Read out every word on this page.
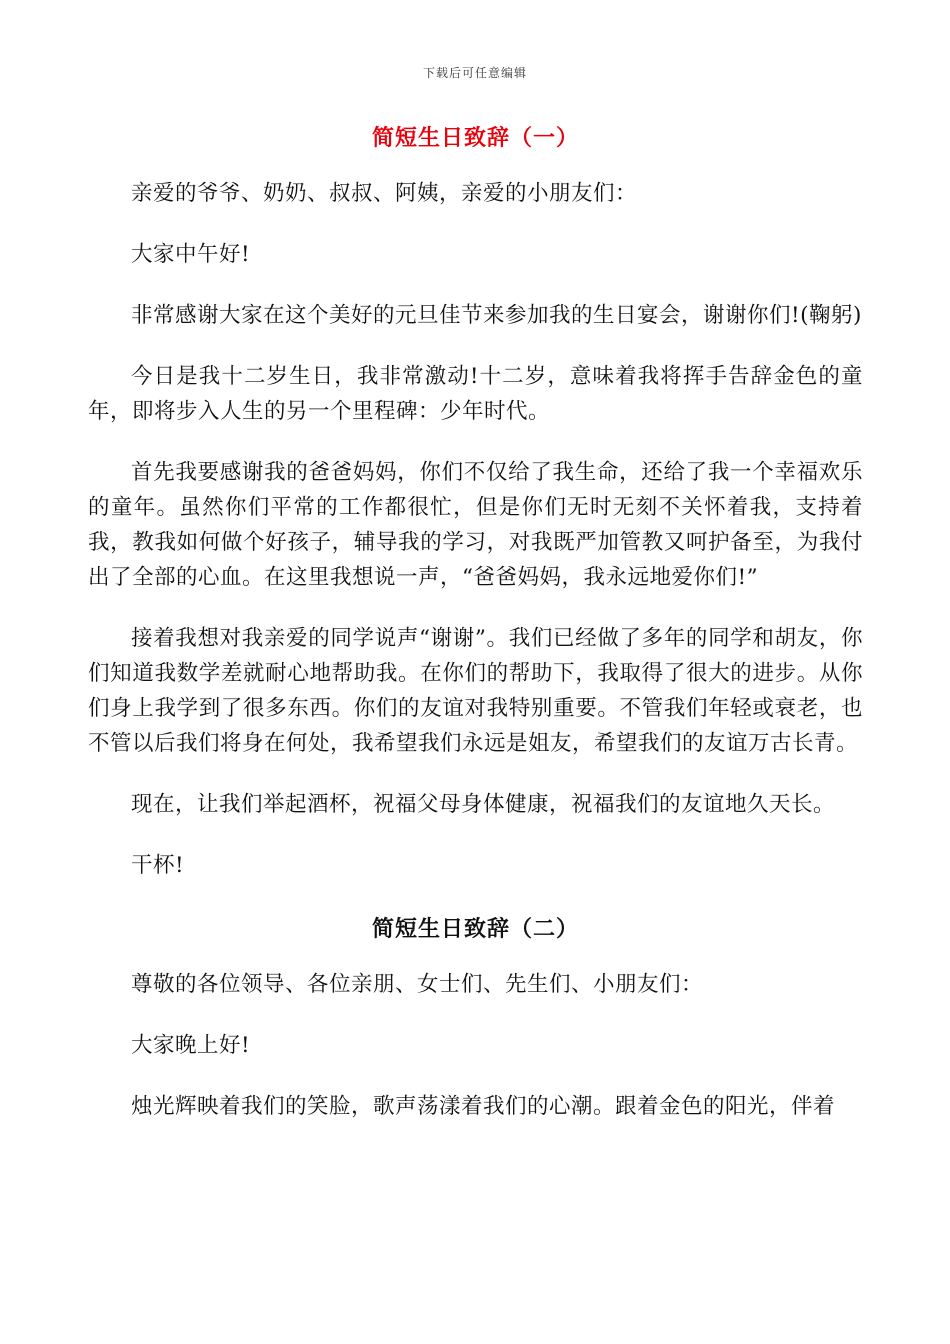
下载后可任意编辑
简短生日致辞（一）

亲爱的爷爷、奶奶、叔叔、阿姨，亲爱的小朋友们：

大家中午好!

非常感谢大家在这个美好的元旦佳节来参加我的生日宴会，谢谢你们!(鞠躬)

今日是我十二岁生日，我非常激动!十二岁，意味着我将挥手告辞金色的童年，即将步入人生的另一个里程碑：少年时代。

首先我要感谢我的爸爸妈妈，你们不仅给了我生命，还给了我一个幸福欢乐的童年。虽然你们平常的工作都很忙，但是你们无时无刻不关怀着我，支持着我，教我如何做个好孩子，辅导我的学习，对我既严加管教又呵护备至，为我付出了全部的心血。在这里我想说一声，“爸爸妈妈，我永远地爱你们!”

接着我想对我亲爱的同学说声“谢谢”。我们已经做了多年的同学和胡友，你们知道我数学差就耐心地帮助我。在你们的帮助下，我取得了很大的进步。从你们身上我学到了很多东西。你们的友谊对我特别重要。不管我们年轻或衰老，也不管以后我们将身在何处，我希望我们永远是姐友，希望我们的友谊万古长青。

现在，让我们举起酒杯，祝福父母身体健康，祝福我们的友谊地久天长。

干杯!

简短生日致辞（二）

尊敬的各位领导、各位亲朋、女士们、先生们、小朋友们：

大家晚上好!

烛光辉映着我们的笑脸，歌声荡漾着我们的心潮。跟着金色的阳光，伴着
